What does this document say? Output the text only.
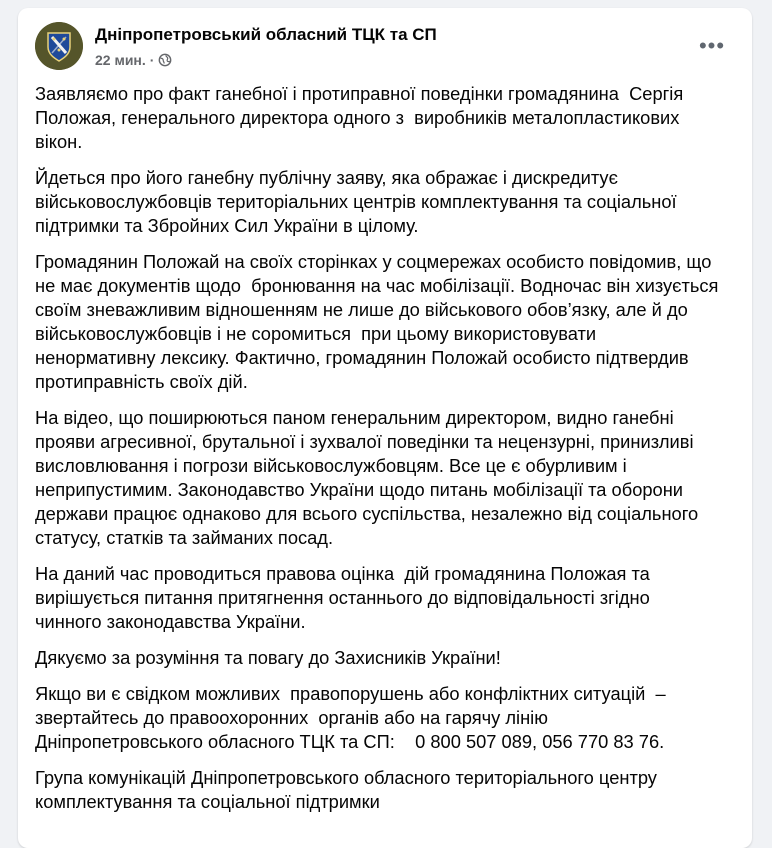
Дніпропетровський обласний ТЦК та СП
22 мин. ·
•••

Заявляємо про факт ганебної і протиправної поведінки громадянина  Сергія
Положая, генерального директора одного з  виробників металопластикових
вікон.

Йдеться про його ганебну публічну заяву, яка ображає і дискредитує
військовослужбовців територіальних центрів комплектування та соціальної
підтримки та Збройних Сил України в цілому.

Громадянин Положай на своїх сторінках у соцмережах особисто повідомив, що
не має документів щодо  бронювання на час мобілізації. Водночас він хизується
своїм зневажливим відношенням не лише до військового обов’язку, але й до
військовослужбовців і не соромиться  при цьому використовувати
ненормативну лексику. Фактично, громадянин Положай особисто підтвердив
протиправність своїх дій.

На відео, що поширюються паном генеральним директором, видно ганебні
прояви агресивної, брутальної і зухвалої поведінки та нецензурні, принизливі
висловлювання і погрози військовослужбовцям. Все це є обурливим і
неприпустимим. Законодавство України щодо питань мобілізації та оборони
держави працює однаково для всього суспільства, незалежно від соціального
статусу, статків та займаних посад.

На даний час проводиться правова оцінка  дій громадянина Положая та
вирішується питання притягнення останнього до відповідальності згідно
чинного законодавства України.

Дякуємо за розуміння та повагу до Захисників України!

Якщо ви є свідком можливих  правопорушень або конфліктних ситуацій  –
звертайтесь до правоохоронних  органів або на гарячу лінію
Дніпропетровського обласного ТЦК та СП:    0 800 507 089, 056 770 83 76.

Група комунікацій Дніпропетровського обласного територіального центру
комплектування та соціальної підтримки
